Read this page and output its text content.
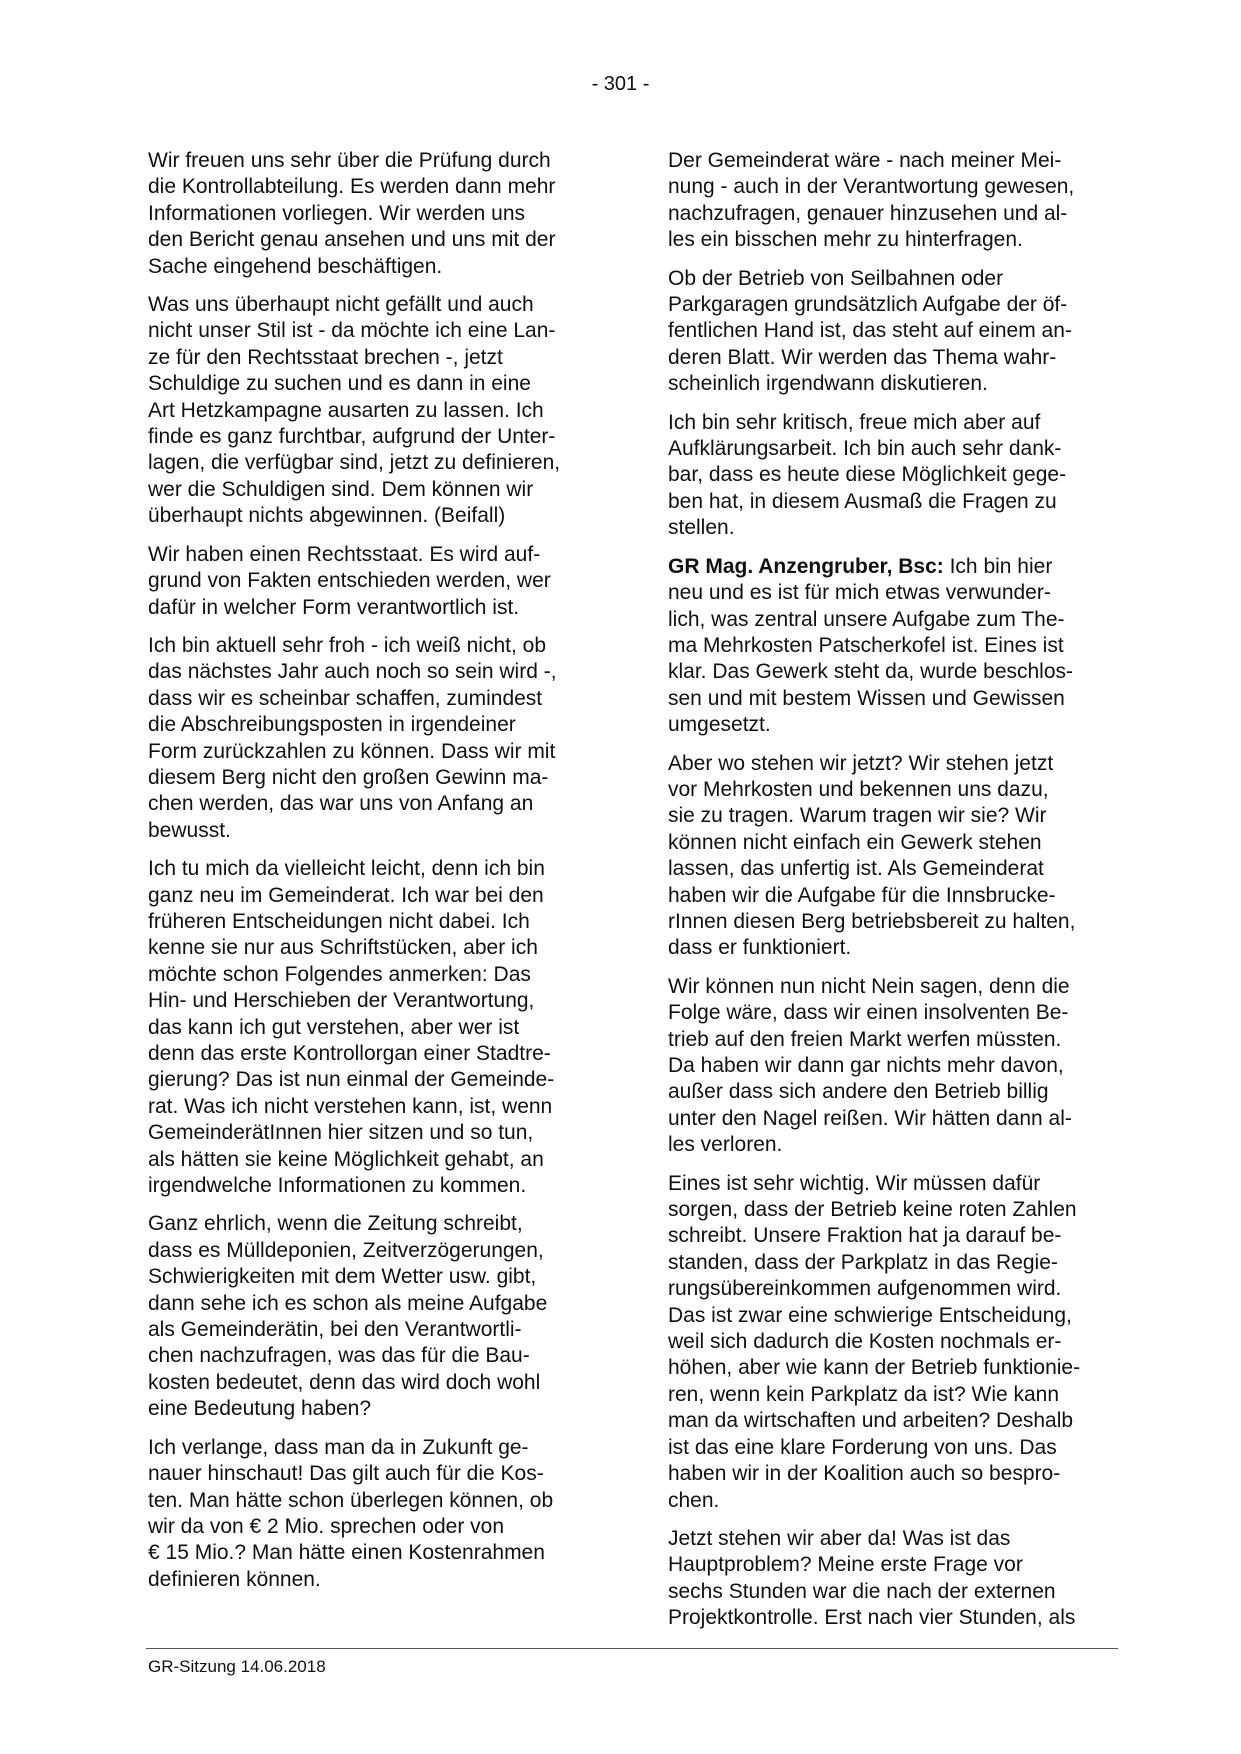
- 301 -

Wir freuen uns sehr über die Prüfung durch
die Kontrollabteilung. Es werden dann mehr
Informationen vorliegen. Wir werden uns
den Bericht genau ansehen und uns mit der
Sache eingehend beschäftigen.

Was uns überhaupt nicht gefällt und auch
nicht unser Stil ist - da möchte ich eine Lan-
ze für den Rechtsstaat brechen -, jetzt
Schuldige zu suchen und es dann in eine
Art Hetzkampagne ausarten zu lassen. Ich
finde es ganz furchtbar, aufgrund der Unter-
lagen, die verfügbar sind, jetzt zu definieren,
wer die Schuldigen sind. Dem können wir
überhaupt nichts abgewinnen. (Beifall)

Wir haben einen Rechtsstaat. Es wird auf-
grund von Fakten entschieden werden, wer
dafür in welcher Form verantwortlich ist.

Ich bin aktuell sehr froh - ich weiß nicht, ob
das nächstes Jahr auch noch so sein wird -,
dass wir es scheinbar schaffen, zumindest
die Abschreibungsposten in irgendeiner
Form zurückzahlen zu können. Dass wir mit
diesem Berg nicht den großen Gewinn ma-
chen werden, das war uns von Anfang an
bewusst.

Ich tu mich da vielleicht leicht, denn ich bin
ganz neu im Gemeinderat. Ich war bei den
früheren Entscheidungen nicht dabei. Ich
kenne sie nur aus Schriftstücken, aber ich
möchte schon Folgendes anmerken: Das
Hin- und Herschieben der Verantwortung,
das kann ich gut verstehen, aber wer ist
denn das erste Kontrollorgan einer Stadtre-
gierung? Das ist nun einmal der Gemeinde-
rat. Was ich nicht verstehen kann, ist, wenn
GemeinderätInnen hier sitzen und so tun,
als hätten sie keine Möglichkeit gehabt, an
irgendwelche Informationen zu kommen.

Ganz ehrlich, wenn die Zeitung schreibt,
dass es Mülldeponien, Zeitverzögerungen,
Schwierigkeiten mit dem Wetter usw. gibt,
dann sehe ich es schon als meine Aufgabe
als Gemeinderätin, bei den Verantwortli-
chen nachzufragen, was das für die Bau-
kosten bedeutet, denn das wird doch wohl
eine Bedeutung haben?

Ich verlange, dass man da in Zukunft ge-
nauer hinschaut! Das gilt auch für die Kos-
ten. Man hätte schon überlegen können, ob
wir da von € 2 Mio. sprechen oder von
€ 15 Mio.? Man hätte einen Kostenrahmen
definieren können.

Der Gemeinderat wäre - nach meiner Mei-
nung - auch in der Verantwortung gewesen,
nachzufragen, genauer hinzusehen und al-
les ein bisschen mehr zu hinterfragen.

Ob der Betrieb von Seilbahnen oder
Parkgaragen grundsätzlich Aufgabe der öf-
fentlichen Hand ist, das steht auf einem an-
deren Blatt. Wir werden das Thema wahr-
scheinlich irgendwann diskutieren.

Ich bin sehr kritisch, freue mich aber auf
Aufklärungsarbeit. Ich bin auch sehr dank-
bar, dass es heute diese Möglichkeit gege-
ben hat, in diesem Ausmaß die Fragen zu
stellen.

GR Mag. Anzengruber, Bsc: Ich bin hier
neu und es ist für mich etwas verwunder-
lich, was zentral unsere Aufgabe zum The-
ma Mehrkosten Patscherkofel ist. Eines ist
klar. Das Gewerk steht da, wurde beschlos-
sen und mit bestem Wissen und Gewissen
umgesetzt.

Aber wo stehen wir jetzt? Wir stehen jetzt
vor Mehrkosten und bekennen uns dazu,
sie zu tragen. Warum tragen wir sie? Wir
können nicht einfach ein Gewerk stehen
lassen, das unfertig ist. Als Gemeinderat
haben wir die Aufgabe für die Innsbrucke-
rInnen diesen Berg betriebsbereit zu halten,
dass er funktioniert.

Wir können nun nicht Nein sagen, denn die
Folge wäre, dass wir einen insolventen Be-
trieb auf den freien Markt werfen müssten.
Da haben wir dann gar nichts mehr davon,
außer dass sich andere den Betrieb billig
unter den Nagel reißen. Wir hätten dann al-
les verloren.

Eines ist sehr wichtig. Wir müssen dafür
sorgen, dass der Betrieb keine roten Zahlen
schreibt. Unsere Fraktion hat ja darauf be-
standen, dass der Parkplatz in das Regie-
rungsübereinkommen aufgenommen wird.
Das ist zwar eine schwierige Entscheidung,
weil sich dadurch die Kosten nochmals er-
höhen, aber wie kann der Betrieb funktionie-
ren, wenn kein Parkplatz da ist? Wie kann
man da wirtschaften und arbeiten? Deshalb
ist das eine klare Forderung von uns. Das
haben wir in der Koalition auch so bespro-
chen.

Jetzt stehen wir aber da! Was ist das
Hauptproblem? Meine erste Frage vor
sechs Stunden war die nach der externen
Projektkontrolle. Erst nach vier Stunden, als

GR-Sitzung 14.06.2018
